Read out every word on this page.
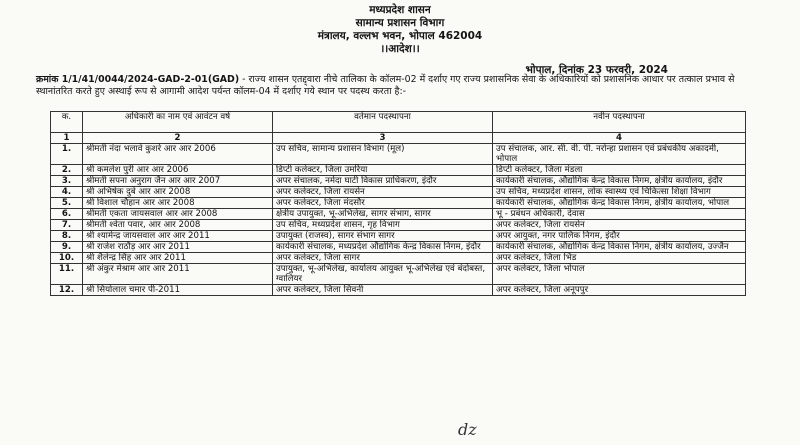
मध्यप्रदेश शासन
सामान्य प्रशासन विभाग
मंत्रालय, वल्लभ भवन, भोपाल 462004
।।आदेश।।
भोपाल, दिनांक 23 फरवरी, 2024
क्रमांक 1/1/41/0044/2024-GAD-2-01(GAD) - राज्य शासन एतद्द्वारा नीचे तालिका के कॉलम-02 में दर्शाए गए राज्य प्रशासनिक सेवा के अधिकारियों को प्रशासनिक आधार पर तत्काल प्रभाव से स्थानांतरित करते हुए अस्थाई रूप से आगामी आदेश पर्यन्त कॉलम-04 में दर्शाए गये स्थान पर पदस्थ करता है:-
क.	अधिकारी का नाम एवं आवंटन वर्ष	वर्तमान पदस्थापना	नवीन पदस्थापना
1	2	3	4
1.	श्रीमती नंदा भलावे कुशरे आर आर 2006	उप सचिव, सामान्य प्रशासन विभाग (मूल)	उप संचालक, आर. सी. वी. पी. नरोन्हा प्रशासन एवं प्रबंधकीय अकादमी, भोपाल
2.	श्री कमलेश पुरी आर आर 2006	डिप्टी कलेक्टर, जिला उमरिया	डिप्टी कलेक्टर, जिला मंडला
3.	श्रीमती सपना अनुराग जैन आर आर 2007	अपर संचालक, नर्मदा घाटी विकास प्राधिकरण, इंदौर	कार्यकारी संचालक, औद्योगिक केन्द्र विकास निगम, क्षेत्रीय कार्यालय, इंदौर
4.	श्री अभिषेक दुबे आर आर 2008	अपर कलेक्टर, जिला रायसेन	उप सचिव, मध्यप्रदेश शासन, लोक स्वास्थ्य एवं चिकित्सा शिक्षा विभाग
5.	श्री विशाल चौहान आर आर 2008	अपर कलेक्टर, जिला मंदसौर	कार्यकारी संचालक, औद्योगिक केन्द्र विकास निगम, क्षेत्रीय कार्यालय, भोपाल
6.	श्रीमती एकता जायसवाल आर आर 2008	क्षेत्रीय उपायुक्त, भू-अभिलेख, सागर संभाग, सागर	भू - प्रबंधन अधिकारी, देवास
7.	श्रीमती श्वेता पवार, आर आर 2008	उप सचिव, मध्यप्रदेश शासन, गृह विभाग	अपर कलेक्टर, जिला रायसेन
8.	श्री श्यामेन्द्र जायसवाल आर आर 2011	उपायुक्त (राजस्व), सागर संभाग सागर	अपर आयुक्त, नगर पालिक निगम, इंदौर
9.	श्री राजेश राठौड़ आर आर 2011	कार्यकारी संचालक, मध्यप्रदेश औद्योगिक केन्द्र विकास निगम, इंदौर	कार्यकारी संचालक, औद्योगिक केन्द्र विकास निगम, क्षेत्रीय कार्यालय, उज्जैन
10.	श्री शैलेन्द्र सिंह आर आर 2011	अपर कलेक्टर, जिला सागर	अपर कलेक्टर, जिला भिंड
11.	श्री अंकुर मेश्राम आर आर 2011	उपायुक्त, भू-अभिलेख, कार्यालय आयुक्त भू-अभिलेख एवं बंदोबस्त, ग्वालियर	अपर कलेक्टर, जिला भोपाल
12.	श्री सियोलाल चमार पी-2011	अपर कलेक्टर, जिला सिवनी	अपर कलेक्टर, जिला अनूपपुर
dz
